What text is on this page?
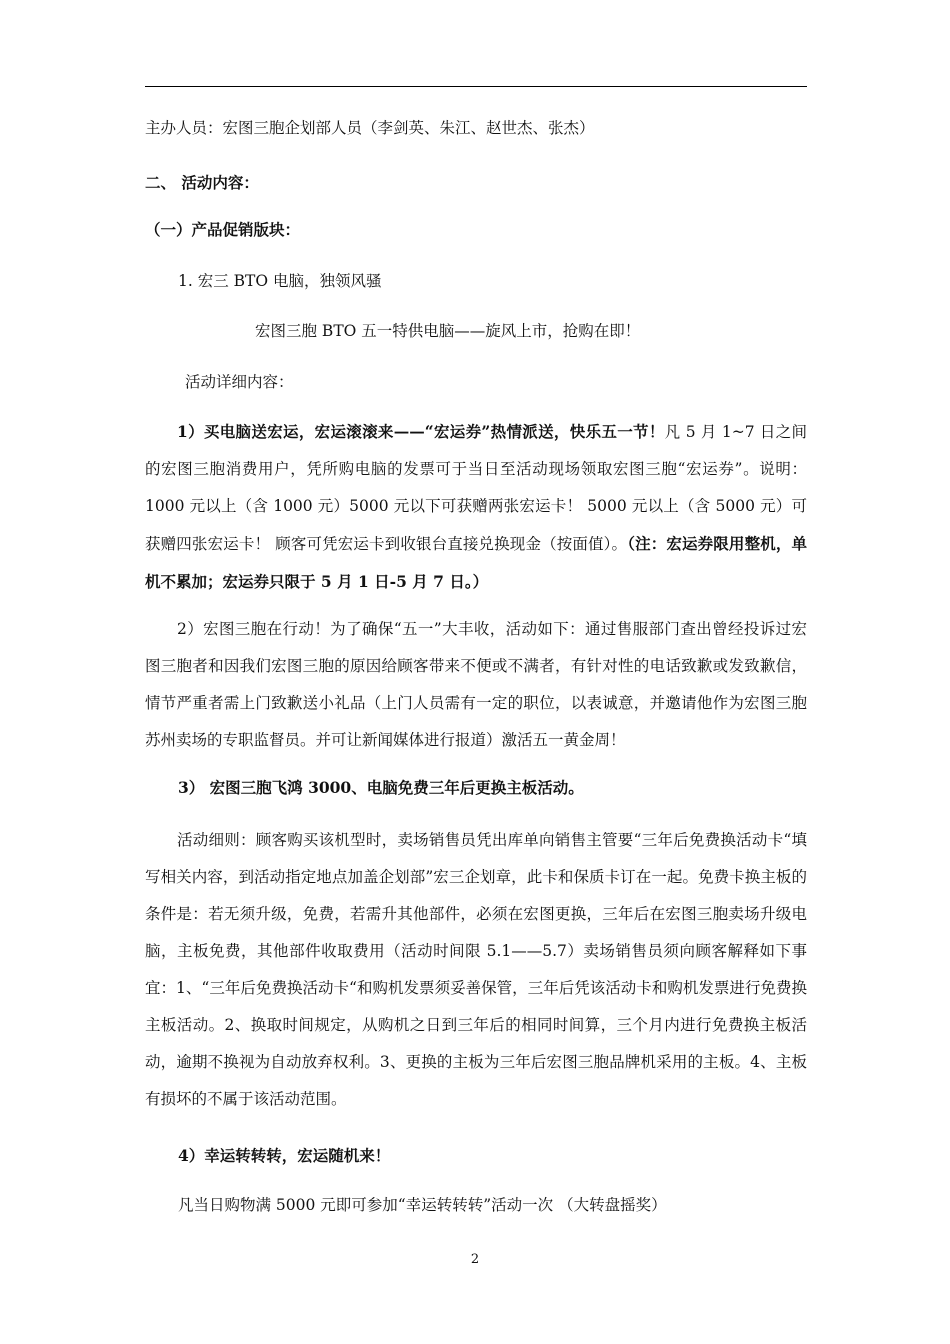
主办人员：宏图三胞企划部人员（李剑英、朱江、赵世杰、张杰）
二、 活动内容：
（一）产品促销版块：
1. 宏三 BTO 电脑，独领风骚
宏图三胞 BTO 五一特供电脑——旋风上市，抢购在即！
活动详细内容：

1）买电脑送宏运，宏运滚滚来——“宏运券”热情派送，快乐五一节！凡 5 月 1~7 日之间的宏图三胞消费用户，凭所购电脑的发票可于当日至活动现场领取宏图三胞“宏运券”。说明：1000 元以上（含 1000 元）5000 元以下可获赠两张宏运卡！ 5000 元以上（含 5000 元）可获赠四张宏运卡！ 顾客可凭宏运卡到收银台直接兑换现金（按面值）。（注：宏运券限用整机，单机不累加；宏运券只限于 5 月 1 日-5 月 7 日。）

2）宏图三胞在行动！为了确保“五一”大丰收，活动如下：通过售服部门查出曾经投诉过宏图三胞者和因我们宏图三胞的原因给顾客带来不便或不满者，有针对性的电话致歉或发致歉信，情节严重者需上门致歉送小礼品（上门人员需有一定的职位，以表诚意，并邀请他作为宏图三胞苏州卖场的专职监督员。并可让新闻媒体进行报道）激活五一黄金周！

3） 宏图三胞飞鸿 3000、电脑免费三年后更换主板活动。

活动细则：顾客购买该机型时，卖场销售员凭出库单向销售主管要“三年后免费换活动卡“填写相关内容，到活动指定地点加盖企划部”宏三企划章，此卡和保质卡订在一起。免费卡换主板的条件是：若无须升级，免费，若需升其他部件，必须在宏图更换，三年后在宏图三胞卖场升级电脑，主板免费，其他部件收取费用（活动时间限 5.1——5.7）卖场销售员须向顾客解释如下事宜：1、“三年后免费换活动卡“和购机发票须妥善保管，三年后凭该活动卡和购机发票进行免费换主板活动。2、换取时间规定，从购机之日到三年后的相同时间算，三个月内进行免费换主板活动，逾期不换视为自动放弃权利。3、更换的主板为三年后宏图三胞品牌机采用的主板。4、主板有损坏的不属于该活动范围。

4）幸运转转转，宏运随机来！
凡当日购物满 5000 元即可参加“幸运转转转”活动一次 （大转盘摇奖）
2
